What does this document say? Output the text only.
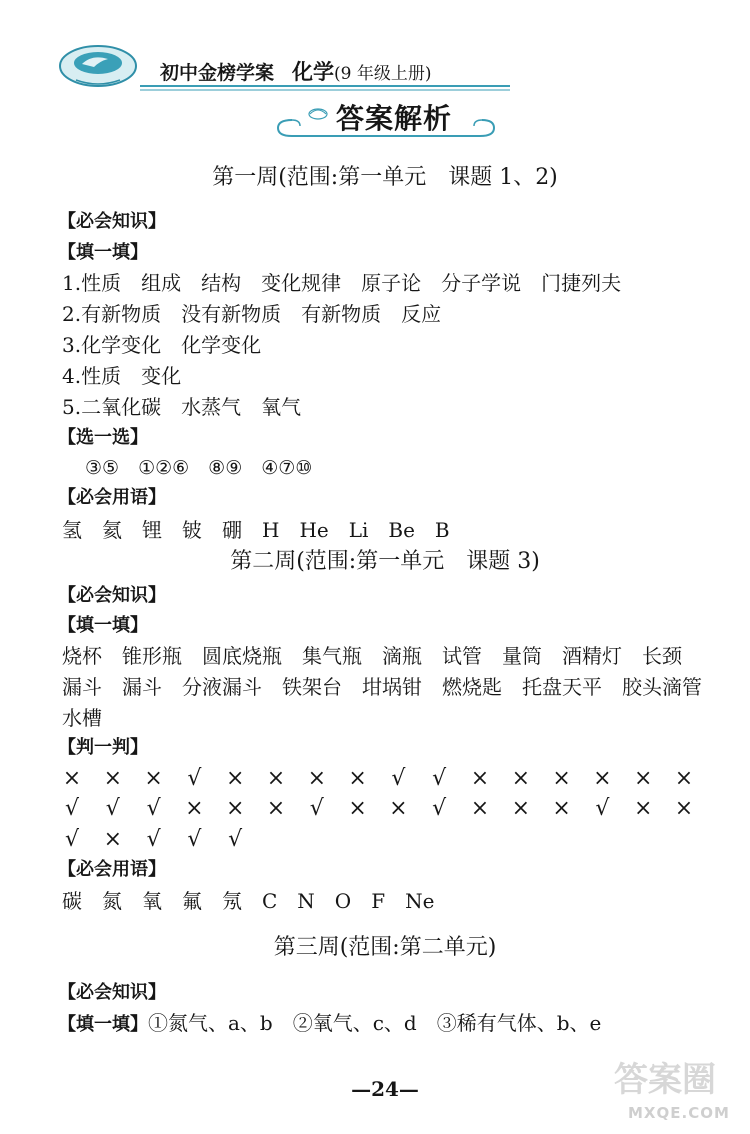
初中金榜学案 化学(9 年级上册)
答案解析
第一周(范围:第一单元　课题 1、2)
【必会知识】
【填一填】
1.性质　组成　结构　变化规律　原子论　分子学说　门捷列夫
2.有新物质　没有新物质　有新物质　反应
3.化学变化　化学变化
4.性质　变化
5.二氧化碳　水蒸气　氧气
【选一选】
③⑤　①②⑥　⑧⑨　④⑦⑩
【必会用语】
氢　氦　锂　铍　硼　H　He　Li　Be　B
第二周(范围:第一单元　课题 3)
【必会知识】
【填一填】
烧杯　锥形瓶　圆底烧瓶　集气瓶　滴瓶　试管　量筒　酒精灯　长颈
漏斗　漏斗　分液漏斗　铁架台　坩埚钳　燃烧匙　托盘天平　胶头滴管
水槽
【判一判】
× × × √ × × × × √ √ × × × × × ×
√ √ √ × × × √ × × √ × × × √ × ×
√ × √ √ √
【必会用语】
碳　氮　氧　氟　氖　C　N　O　F　Ne
第三周(范围:第二单元)
【必会知识】
【填一填】①氮气、a、b　②氧气、c、d　③稀有气体、b、e
—24—	答案圈
MXQE.COM
